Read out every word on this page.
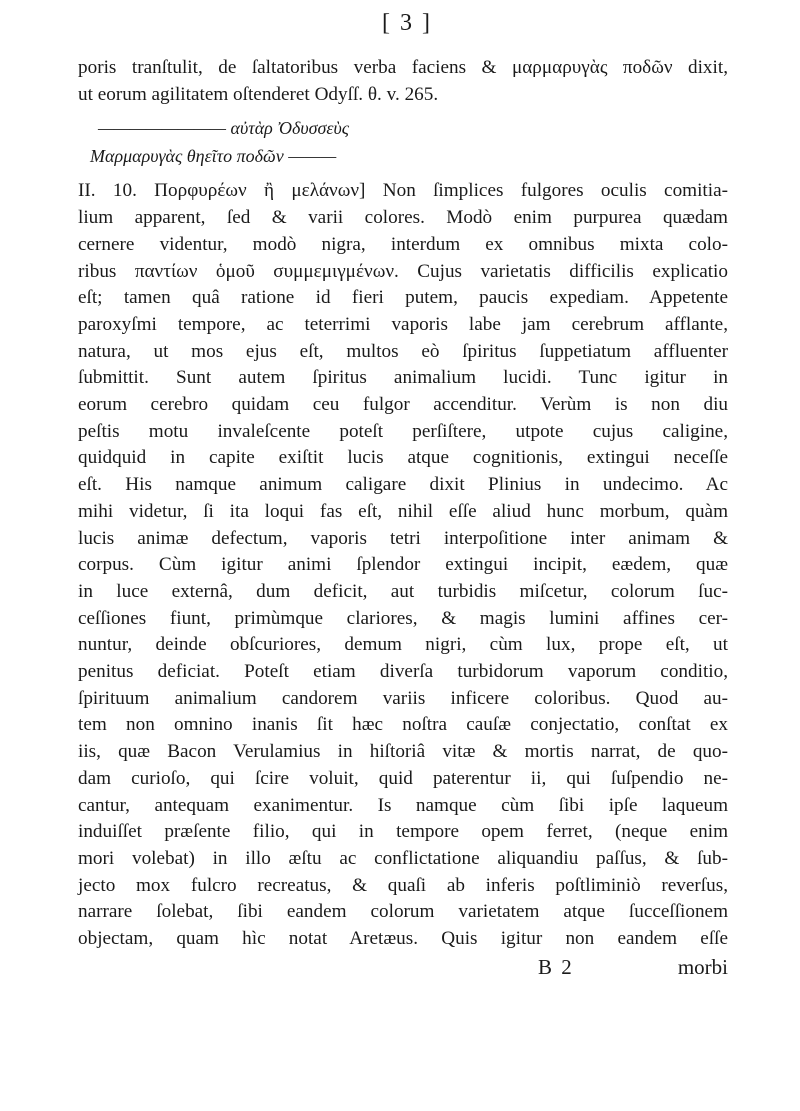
[ 3 ]
poris tranſtulit, de ſaltatoribus verba faciens & μαρμαρυγὰς ποδῶν dixit,
ut eorum agilitatem oſtenderet Odyſſ. θ. v. 265.
———————— αὐτὰρ Ὀδυσσεὺς
Μαρμαρυγὰς θηεῖτο ποδῶν ———
II. 10. Πορφυρέων ἢ μελάνων] Non ſimplices fulgores oculis comitia-
lium apparent, ſed & varii colores. Modò enim purpurea quædam
cernere videntur, modò nigra, interdum ex omnibus mixta colo-
ribus παντίων ὁμοῦ συμμεμιγμένων. Cujus varietatis difficilis explicatio
eſt; tamen quâ ratione id fieri putem, paucis expediam. Appetente
paroxyſmi tempore, ac teterrimi vaporis labe jam cerebrum afflante,
natura, ut mos ejus eſt, multos eò ſpiritus ſuppetiatum affluenter
ſubmittit. Sunt autem ſpiritus animalium lucidi. Tunc igitur in
eorum cerebro quidam ceu fulgor accenditur. Verùm is non diu
peſtis motu invaleſcente poteſt perſiſtere, utpote cujus caligine,
quidquid in capite exiſtit lucis atque cognitionis, extingui neceſſe
eſt. His namque animum caligare dixit Plinius in undecimo. Ac
mihi videtur, ſi ita loqui fas eſt, nihil eſſe aliud hunc morbum, quàm
lucis animæ defectum, vaporis tetri interpoſitione inter animam &
corpus. Cùm igitur animi ſplendor extingui incipit, eædem, quæ
in luce externâ, dum deficit, aut turbidis miſcetur, colorum ſuc-
ceſſiones fiunt, primùmque clariores, & magis lumini affines cer-
nuntur, deinde obſcuriores, demum nigri, cùm lux, prope eſt, ut
penitus deficiat. Poteſt etiam diverſa turbidorum vaporum conditio,
ſpirituum animalium candorem variis inficere coloribus. Quod au-
tem non omnino inanis ſit hæc noſtra cauſæ conjectatio, conſtat ex
iis, quæ Bacon Verulamius in hiſtoriâ vitæ & mortis narrat, de quo-
dam curioſo, qui ſcire voluit, quid paterentur ii, qui ſuſpendio ne-
cantur, antequam exanimentur. Is namque cùm ſibi ipſe laqueum
induiſſet præſente filio, qui in tempore opem ferret, (neque enim
mori volebat) in illo æſtu ac conflictatione aliquandiu paſſus, & ſub-
jecto mox fulcro recreatus, & quaſi ab inferis poſtliminiò reverſus,
narrare ſolebat, ſibi eandem colorum varietatem atque ſucceſſionem
objectam, quam hìc notat Aretæus. Quis igitur non eandem eſſe
B 2	morbi
